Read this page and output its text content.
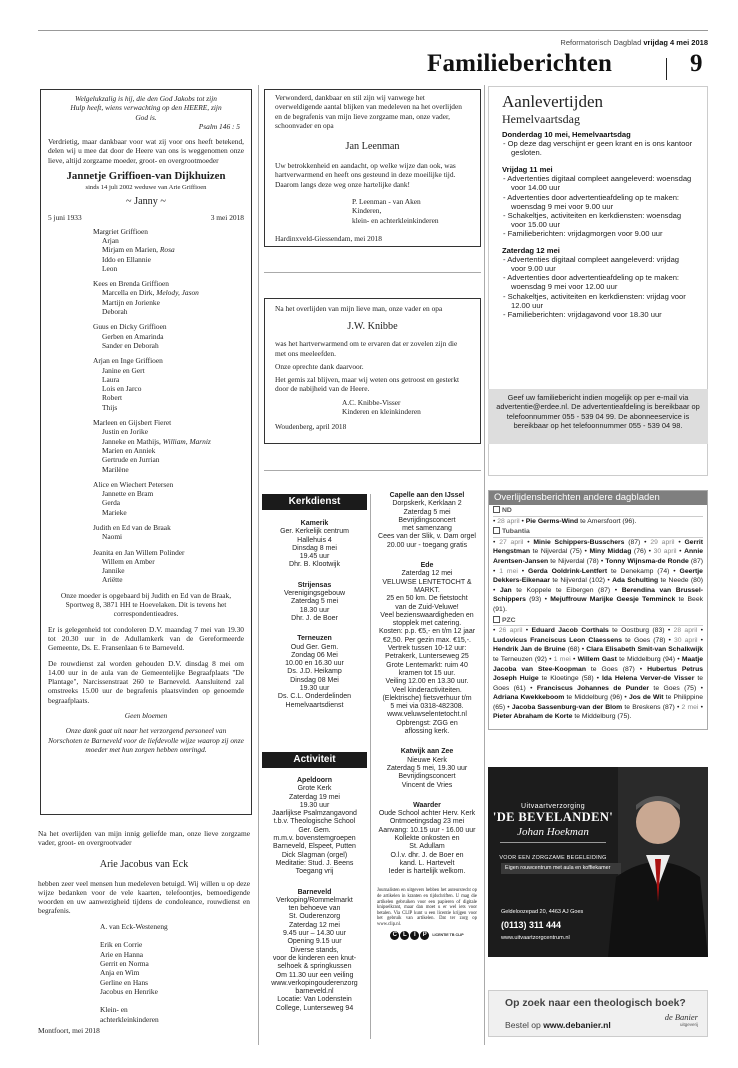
Reformatorisch Dagblad vrijdag 4 mei 2018
Familieberichten	9
Welgelukzalig is hij, die den God Jakobs tot zijn Hulp heeft, wiens verwachting op den HEERE, zijn God is.
Psalm 146 : 5
Verdrietig, maar dankbaar voor wat zij voor ons heeft betekend, delen wij u mee dat door de Heere van ons is weggenomen onze lieve, altijd zorgzame moeder, groot- en overgrootmoeder
Jannetje Griffioen-van Dijkhuizen
sinds 14 juli 2002 weduwe van Arie Griffioen
~ Janny ~
5 juni 1933	3 mei 2018
Margriet Griffioen
Arjan
Mirjam en Marien, Rosa
Iddo en Ellannie
Leon
Kees en Brenda Griffioen
Marcella en Dirk, Melody, Jason
Martijn en Jorienke
Deborah
Guus en Dicky Griffioen
Gerben en Amarinda
Sander en Deborah
Arjan en Inge Griffioen
Janine en Gert
Laura
Lois en Jarco
Robert
Thijs
Marleen en Gijsbert Fieret
Justin en Jorike
Janneke en Mathijs, William, Marniz
Marien en Anniek
Gertrude en Jurrian
Marilène
Alice en Wiechert Petersen
Jannette en Bram
Gerda
Marieke
Judith en Ed van de Braak
Naomi
Jeanita en Jan Willem Polinder
Willem en Amber
Jannike
Ariëtte
Onze moeder is opgebaard bij Judith en Ed van de Braak, Sportweg 8, 3871 HH te Hoevelaken. Dit is tevens het correspondentieadres.
Er is gelegenheid tot condoleren D.V. maandag 7 mei van 19.30 tot 20.30 uur in de Adullamkerk van de Gereformeerde Gemeente, Ds. E. Fransenlaan 6 te Barneveld.
De rouwdienst zal worden gehouden D.V. dinsdag 8 mei om 14.00 uur in de aula van de Gemeentelijke Begraafplaats "De Plantage", Narcissenstraat 260 te Barneveld. Aansluitend zal omstreeks 15.00 uur de begrafenis plaatsvinden op genoemde begraafplaats.
Geen bloemen
Onze dank gaat uit naar het verzorgend personeel van Norschoten te Barneveld voor de liefdevolle wijze waarop zij onze moeder met hun zorgen hebben omringd.
Na het overlijden van mijn innig geliefde man, onze lieve zorgzame vader, groot- en overgrootvader
Arie Jacobus van Eck
hebben zeer veel mensen hun medeleven betuigd. Wij willen u op deze wijze bedanken voor de vele kaarten, telefoontjes, bemoedigende woorden en uw aanwezigheid tijdens de condoleance, rouwdienst en begrafenis.
A. van Eck-Westeneng

Erik en Corrie
Arie en Hanna
Gerrit en Norma
Anja en Wim
Gerline en Hans
Jacobus en Henrike

Klein- en
achterkleinkinderen
Montfoort, mei 2018
Verwonderd, dankbaar en stil zijn wij vanwege het overweldigende aantal blijken van medeleven na het overlijden en de begrafenis van mijn lieve zorgzame man, onze vader, schoonvader en opa
Jan Leenman
Uw betrokkenheid en aandacht, op welke wijze dan ook, was hartverwarmend en heeft ons gesteund in deze moeilijke tijd. Daarom langs deze weg onze hartelijke dank!
P. Leenman - van Aken
Kinderen,
klein- en achterkleinkinderen
Hardinxveld-Giessendam, mei 2018
Na het overlijden van mijn lieve man, onze vader en opa
J.W. Knibbe
was het hartverwarmend om te ervaren dat er zovelen zijn die met ons meeleefden.
Onze oprechte dank daarvoor.
Het gemis zal blijven, maar wij weten ons getroost en gesterkt door de nabijheid van de Heere.
A.C. Knibbe-Visser
Kinderen en kleinkinderen
Woudenberg, april 2018
Kerkdienst
Kamerik
Ger. Kerkelijk centrum
Hallehuis 4
Dinsdag 8 mei
19.45 uur
Dhr. B. Klootwijk
Strijensas
Verenigingsgebouw
Zaterdag 5 mei
18.30 uur
Dhr. J. de Boer
Terneuzen
Oud Ger. Gem.
Zondag 06 Mei
10.00 en 16.30 uur
Ds. J.D. Heikamp
Dinsdag 08 Mei
19.30 uur
Ds. C.L. Onderdelinden
Hemelvaartsdienst
Activiteit
Apeldoorn
Grote Kerk
Zaterdag 19 mei
19.30 uur
Jaarlijkse Psalmzangavond
t.b.v. Theologische School
Ger. Gem.
m.m.v. bovenstemgroepen
Barneveld, Elspeet, Putten
Dick Slagman (orgel)
Meditatie: Stud. J. Beens
Toegang vrij
Barneveld
Verkoping/Rommelmarkt
ten behoeve van
St. Ouderenzorg
Zaterdag 12 mei
9.45 uur – 14.30 uur
Opening 9.15 uur
Diverse stands,
voor de kinderen een knut-
selhoek & springkussen
Om 11.30 uur een veiling
www.verkopingouderenzorg
barneveld.nl
Locatie: Van Lodenstein
College, Lunterseweg 94
Capelle aan den IJssel
Dorpskerk, Kerklaan 2
Zaterdag 5 mei
Bevrijdingsconcert
met samenzang
Cees van der Slik, v. Dam orgel
20.00 uur - toegang gratis
Ede
Zaterdag 12 mei
VELUWSE LENTETOCHT &
MARKT.
25 en 50 km. De fietstocht
van de Zuid-Veluwe!
Veel bezienswaardigheden en
stopplek met catering.
Kosten: p.p. €5,- en t/m 12 jaar
€2,50. Per gezin max. €15,-.
Vertrek tussen 10-12 uur:
Petrakerk, Lunterseweg 25
Grote Lentemarkt: ruim 40
kramen tot 15 uur.
Veiling 12.00 en 13.30 uur.
Veel kinderactiviteiten.
(Elektrische) fietsverhuur t/m
5 mei via 0318-482308.
www.veluwselentetocht.nl
Opbrengst: ZGG en
aflossing kerk.
Katwijk aan Zee
Nieuwe Kerk
Zaterdag 5 mei, 19.30 uur
Bevrijdingsconcert
Vincent de Vries
Waarder
Oude School achter Herv. Kerk
Ontmoetingsdag 23 mei
Aanvang: 10.15 uur - 16.00 uur
Kollekte onkosten en
St. Adullam
O.l.v. dhr. J. de Boer en
kand. L. Hartevelt
Ieder is hartelijk welkom.
Journalisten en uitgevers hebben het auteursrecht op de artikelen in kranten en tijdschriften. U mag die artikelen gebruiken voor een papieren of digitale knipselkrant, maar dan moet u er wel iets voor betalen. Via CLIP kunt u een licentie krijgen voor het gebruik van artikelen. Dat ter zorg op www.clip.nl.
C L	I	P	LICENTIE TB CLIP
Aanlevertijden
Hemelvaartsdag
Donderdag 10 mei, Hemelvaartsdag
- Op deze dag verschijnt er geen krant en is ons kantoor gesloten.
Vrijdag 11 mei
- Advertenties digitaal compleet aangeleverd: woensdag voor 14.00 uur
- Advertenties door advertentieafdeling op te maken: woensdag 9 mei voor 9.00 uur
- Schakeltjes, activiteiten en kerkdiensten: woensdag voor 15.00 uur
- Familieberichten: vrijdagmorgen voor 9.00 uur
Zaterdag 12 mei
- Advertenties digitaal compleet aangeleverd: vrijdag voor 9.00 uur
- Advertenties door advertentieafdeling op te maken: woensdag 9 mei voor 12.00 uur
- Schakeltjes, activiteiten en kerkdiensten: vrijdag voor 12.00 uur
- Familieberichten: vrijdagavond voor 18.30 uur
Geef uw familiebericht indien mogelijk op per e-mail via advertentie@erdee.nl. De advertentieafdeling is bereikbaar op telefoonnummer 055 - 539 04 99. De abonneeservice is bereikbaar op het telefoonnummer 055 - 539 04 98.
Overlijdensberichten andere dagbladen
ND
• 28 april • Pie Germs-Wind te Amersfoort (96).
Tubantia
• 27 april • Minie Schippers-Busschers (87) • 29 april • Gerrit Hengstman te Nijverdal (75) • Miny Middag (76) • 30 april • Annie Arentsen-Jansen te Nijverdal (78) • Tonny Wijnsma-de Ronde (87) • 1 mei • Gerda Ooldrink-Lentfert te Denekamp (74) • Geertje Dekkers-Eikenaar te Nijverdal (102) • Ada Schulting te Neede (80) • Jan te Koppele te Eibergen (87) • Berendina van Brussel-Schippers (93) • Mejuffrouw Marijke Geesje Temminck te Beek (91).
PZC
• 26 april • Eduard Jacob Corthals te Oostburg (83) • 28 april • Ludovicus Franciscus Leon Claessens te Goes (78) • 30 april • Hendrik Jan de Bruine (68) • Clara Elisabeth Smit-van Schalkwijk te Terneuzen (92) • 1 mei • Willem Gast te Middelburg (94) • Maatje Jacoba van Stee-Koopman te Goes (87) • Hubertus Petrus Joseph Huige te Kloetinge (58) • Ida Helena Verver-de Visser te Goes (61) • Franciscus Johannes de Punder te Goes (75) • Adriana Kwekkeboom te Middelburg (96) • Jos de Wit te Philippine (65) • Jacoba Sassenburg-van der Blom te Breskens (87) • 2 mei • Pieter Abraham de Korte te Middelburg (75).
Uitvaartverzorging
'DE BEVELANDEN'
Johan Hoekman
VOOR EEN ZORGZAME BEGELEIDING
Eigen rouwcentrum met aula en koffiekamer
Geldeloozepad 20, 4463 AJ Goes
(0113) 311 444
www.uitvaartzorgcentrum.nl
Op zoek naar een theologisch boek?
Bestel op www.debanier.nl
de Banier
uitgeverij
